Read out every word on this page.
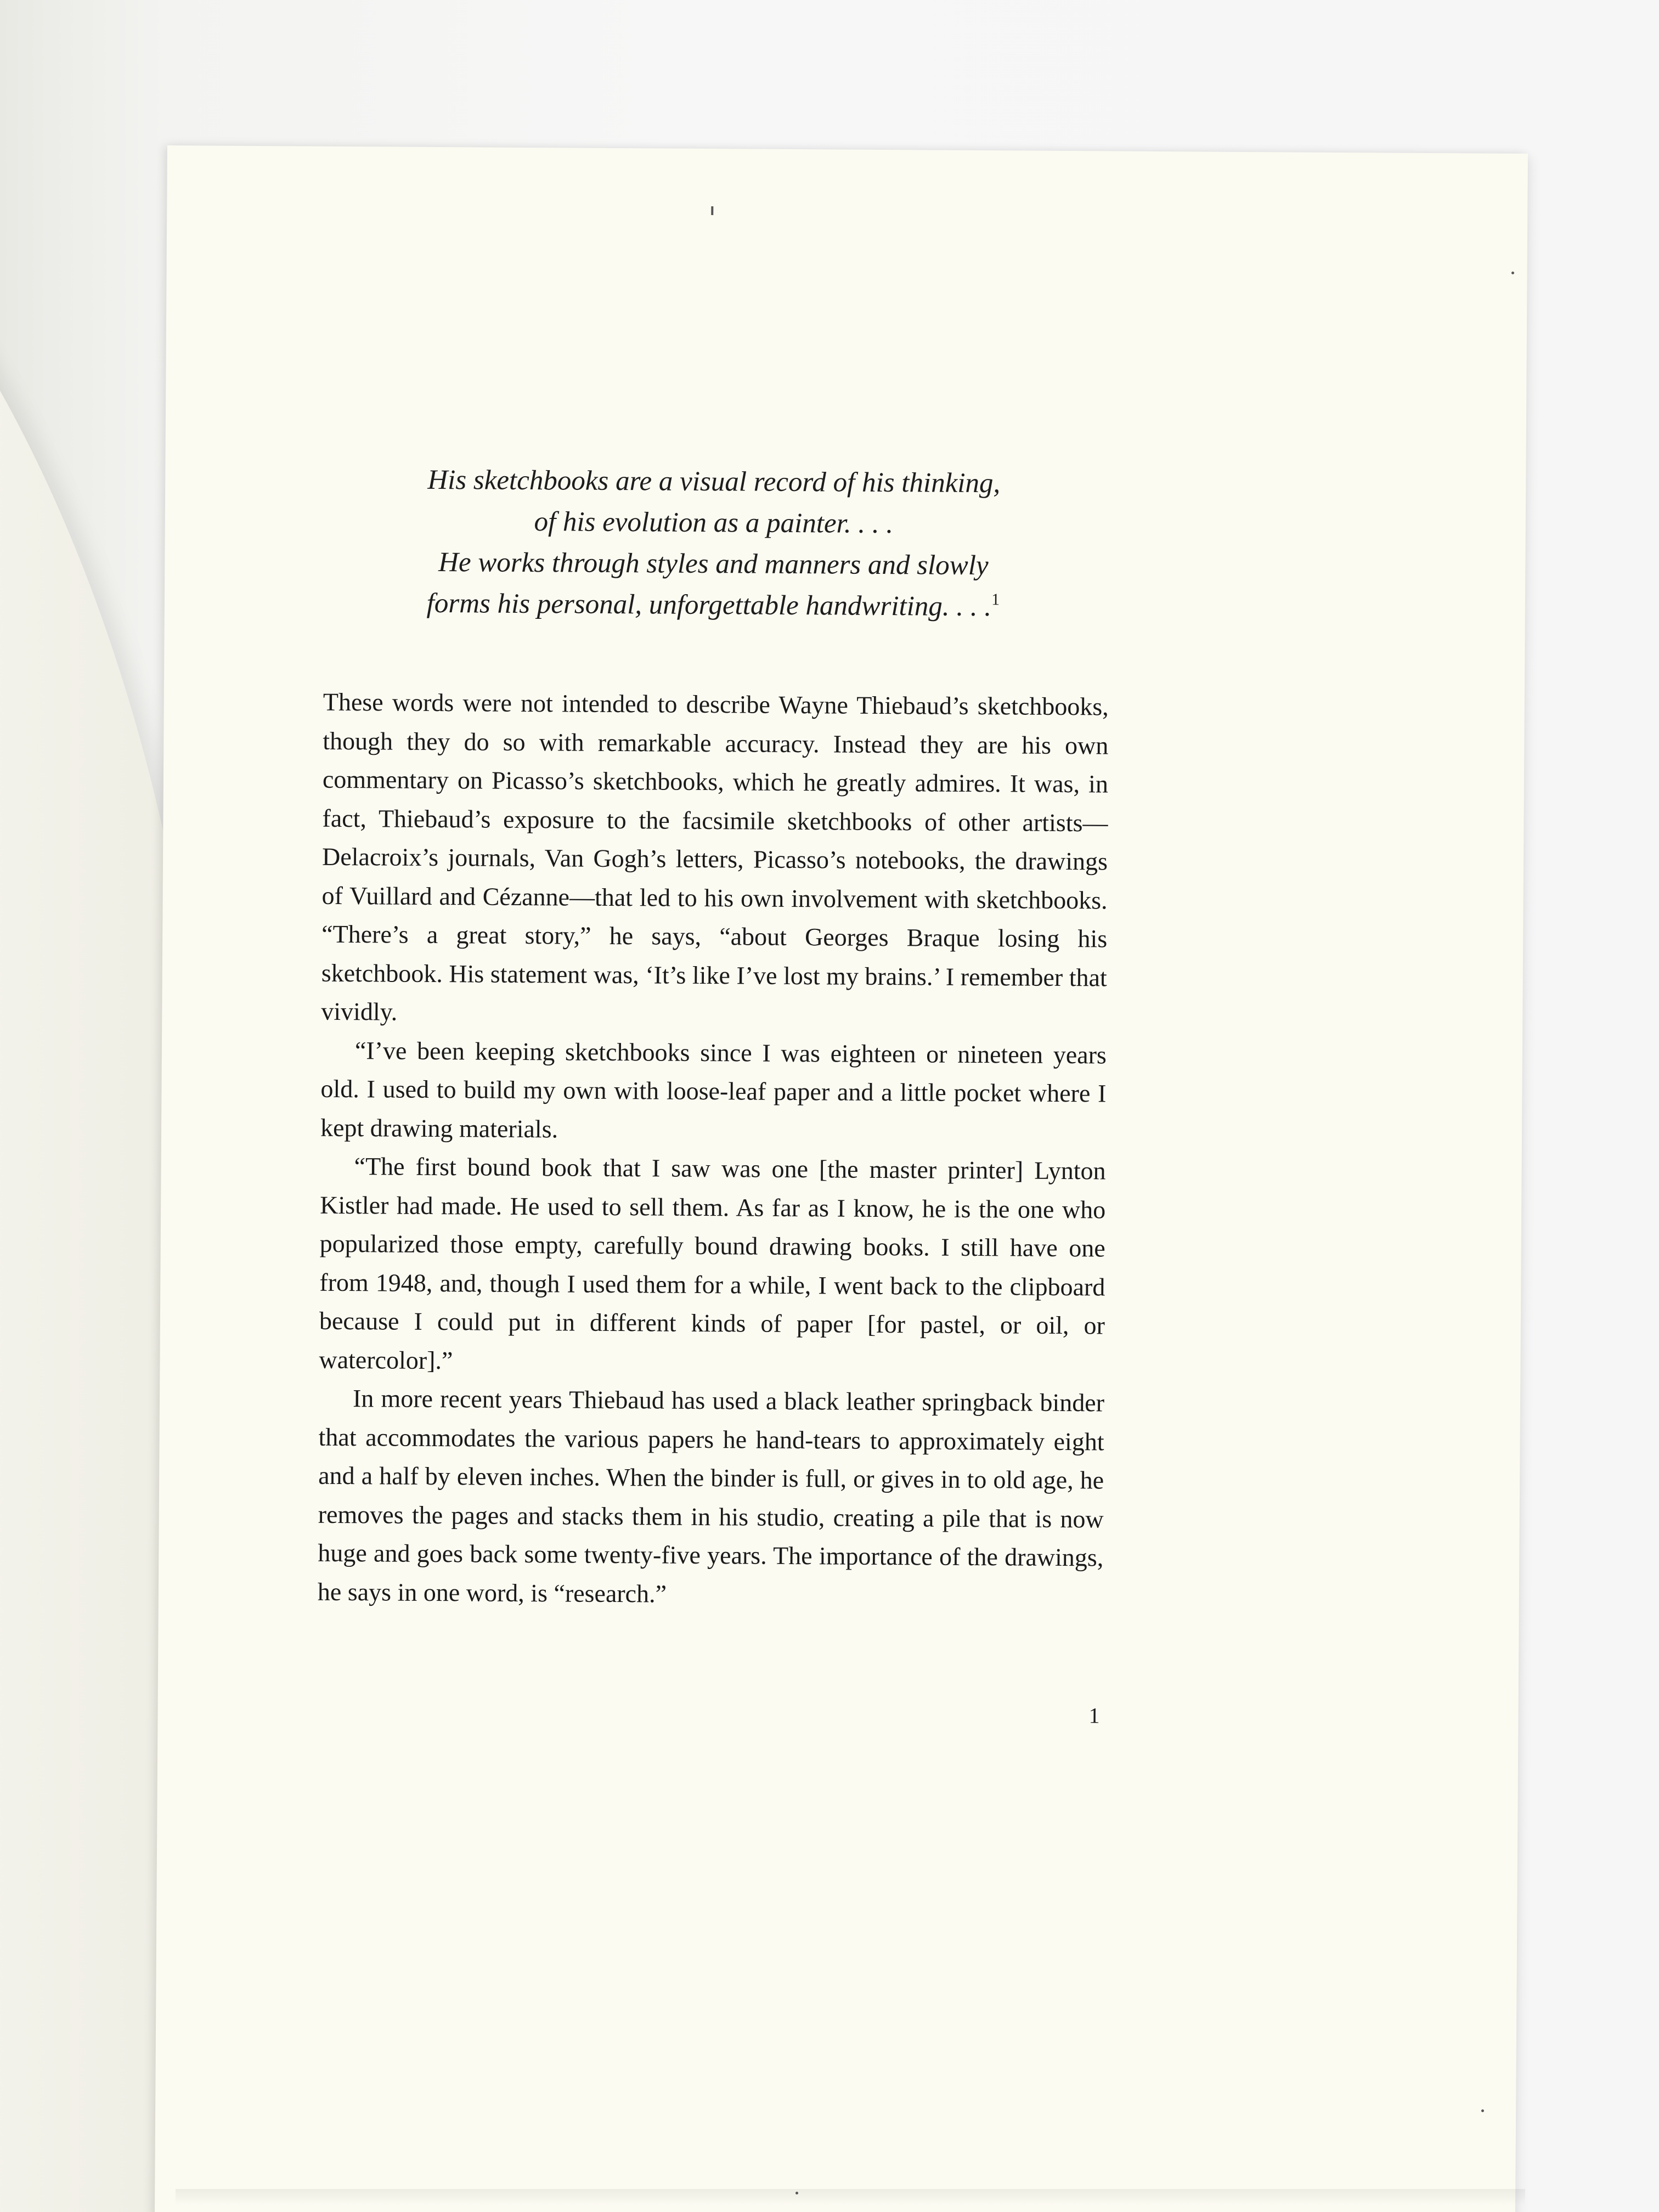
His sketchbooks are a visual record of his thinking,
of his evolution as a painter. . . .
He works through styles and manners and slowly
forms his personal, unforgettable handwriting. . . .$^1$

These words were not intended to describe Wayne Thiebaud’s sketchbooks, though they do so with remarkable accuracy. Instead they are his own commentary on Picasso’s sketchbooks, which he greatly admires. It was, in fact, Thiebaud’s exposure to the facsimile sketchbooks of other artists—Delacroix’s journals, Van Gogh’s letters, Picasso’s notebooks, the drawings of Vuillard and Cézanne—that led to his own involvement with sketchbooks. “There’s a great story,” he says, “about Georges Braque losing his sketchbook. His statement was, ‘It’s like I’ve lost my brains.’ I remember that vividly.

“I’ve been keeping sketchbooks since I was eighteen or nineteen years old. I used to build my own with loose-leaf paper and a little pocket where I kept drawing materials.

“The first bound book that I saw was one [the master printer] Lynton Kistler had made. He used to sell them. As far as I know, he is the one who popularized those empty, carefully bound drawing books. I still have one from 1948, and, though I used them for a while, I went back to the clipboard because I could put in different kinds of paper [for pastel, or oil, or watercolor].”

In more recent years Thiebaud has used a black leather springback binder that accommodates the various papers he hand-tears to approximately eight and a half by eleven inches. When the binder is full, or gives in to old age, he removes the pages and stacks them in his studio, creating a pile that is now huge and goes back some twenty-five years. The importance of the drawings, he says in one word, is “research.”

1
